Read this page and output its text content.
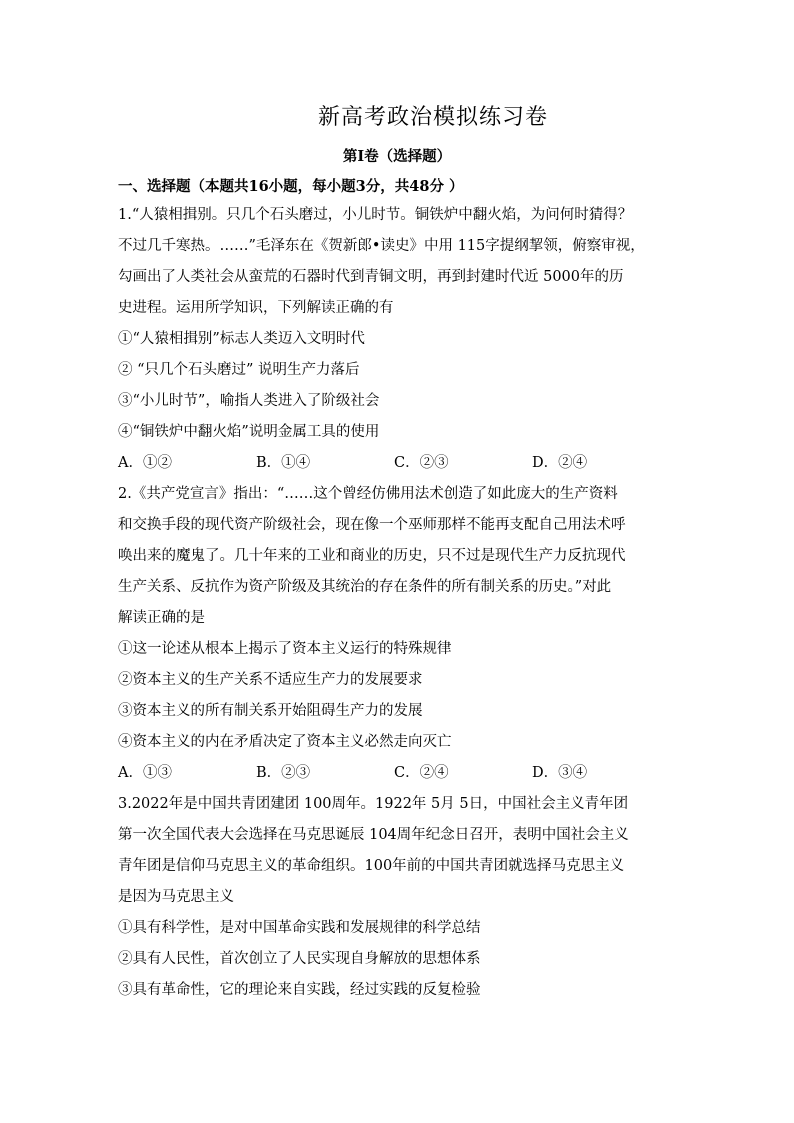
新高考政治模拟练习卷
第Ⅰ卷（选择题）
一、选择题（本题共16小题，每小题3分，共48分 ）
1.“人猿相揖别。只几个石头磨过，小儿时节。铜铁炉中翻火焰，为问何时猜得？
不过几千寒热。……”毛泽东在《贺新郎•读史》中用 115字提纲挈领，俯察审视，
勾画出了人类社会从蛮荒的石器时代到青铜文明，再到封建时代近 5000年的历
史进程。运用所学知识，下列解读正确的有
①“人猿相揖别”标志人类迈入文明时代
② “只几个石头磨过” 说明生产力落后
③“小儿时节”，喻指人类进入了阶级社会
④“铜铁炉中翻火焰”说明金属工具的使用
A．①②	B．①④	C．②③	D．②④
2.《共产党宣言》指出：“……这个曾经仿佛用法术创造了如此庞大的生产资料
和交换手段的现代资产阶级社会，现在像一个巫师那样不能再支配自己用法术呼
唤出来的魔鬼了。几十年来的工业和商业的历史，只不过是现代生产力反抗现代
生产关系、反抗作为资产阶级及其统治的存在条件的所有制关系的历史。”对此
解读正确的是
①这一论述从根本上揭示了资本主义运行的特殊规律
②资本主义的生产关系不适应生产力的发展要求
③资本主义的所有制关系开始阻碍生产力的发展
④资本主义的内在矛盾决定了资本主义必然走向灭亡
A．①③	B．②③	C．②④	D．③④
3.2022年是中国共青团建团 100周年。1922年 5月 5日，中国社会主义青年团
第一次全国代表大会选择在马克思诞辰 104周年纪念日召开，表明中国社会主义
青年团是信仰马克思主义的革命组织。100年前的中国共青团就选择马克思主义
是因为马克思主义
①具有科学性，是对中国革命实践和发展规律的科学总结
②具有人民性，首次创立了人民实现自身解放的思想体系
③具有革命性，它的理论来自实践，经过实践的反复检验
